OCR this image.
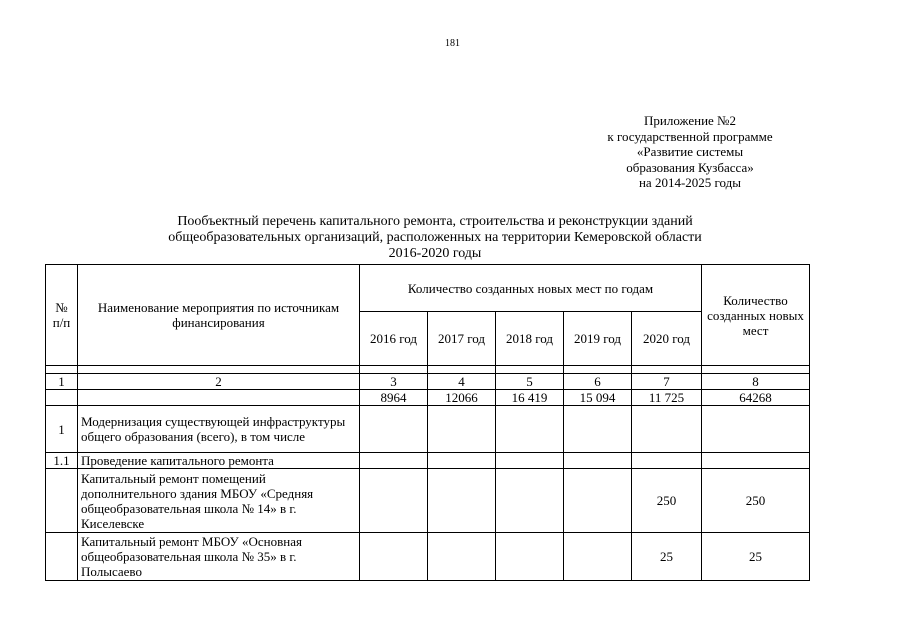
181
Приложение №2
к государственной программе
«Развитие системы
образования Кузбасса»
на 2014-2025 годы
Пообъектный перечень капитального ремонта, строительства и реконструкции зданий
общеобразовательных организаций, расположенных на территории Кемеровской области
2016-2020 годы
№
п/п	Наименование мероприятия по источникам финансирования	Количество созданных новых мест по годам					Количество созданных новых мест
		2016 год	2017 год	2018 год	2019 год	2020 год	

1	2	3	4	5	6	7	8
		8964	12066	16 419	15 094	11 725	64268
1	Модернизация существующей инфраструктуры общего образования (всего), в том числе						
1.1	Проведение капитального ремонта						
	Капитальный ремонт помещений дополнительного здания МБОУ «Средняя общеобразовательная школа № 14» в г. Киселевске					250	250
	Капитальный ремонт МБОУ «Основная общеобразовательная школа № 35» в г. Полысаево					25	25
